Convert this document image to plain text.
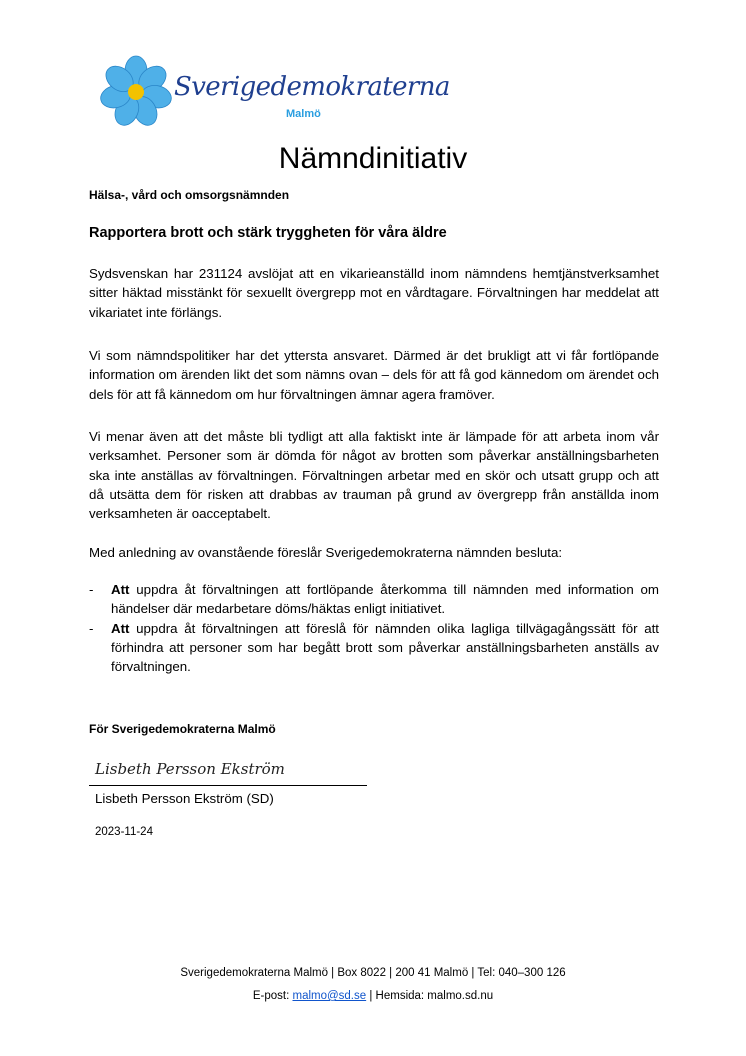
Sverigedemokraterna
Malmö
Nämndinitiativ
Hälsa-, vård och omsorgsnämnden
Rapportera brott och stärk tryggheten för våra äldre

Sydsvenskan har 231124 avslöjat att en vikarieanställd inom nämndens hemtjänstverksamhet sitter häktad misstänkt för sexuellt övergrepp mot en vårdtagare. Förvaltningen har meddelat att vikariatet inte förlängs.

Vi som nämndspolitiker har det yttersta ansvaret. Därmed är det brukligt att vi får fortlöpande information om ärenden likt det som nämns ovan – dels för att få god kännedom om ärendet och dels för att få kännedom om hur förvaltningen ämnar agera framöver.

Vi menar även att det måste bli tydligt att alla faktiskt inte är lämpade för att arbeta inom vår verksamhet. Personer som är dömda för något av brotten som påverkar anställningsbarheten ska inte anställas av förvaltningen. Förvaltningen arbetar med en skör och utsatt grupp och att då utsätta dem för risken att drabbas av trauman på grund av övergrepp från anställda inom verksamheten är oacceptabelt.

Med anledning av ovanstående föreslår Sverigedemokraterna nämnden besluta:

- Att uppdra åt förvaltningen att fortlöpande återkomma till nämnden med information om händelser där medarbetare döms/häktas enligt initiativet.
- Att uppdra åt förvaltningen att föreslå för nämnden olika lagliga tillvägagångssätt för att förhindra att personer som har begått brott som påverkar anställningsbarheten anställs av förvaltningen.
För Sverigedemokraterna Malmö
Lisbeth Persson Ekström
Lisbeth Persson Ekström (SD)
2023-11-24
Sverigedemokraterna Malmö | Box 8022 | 200 41 Malmö | Tel: 040–300 126
E-post: malmo@sd.se | Hemsida: malmo.sd.nu
